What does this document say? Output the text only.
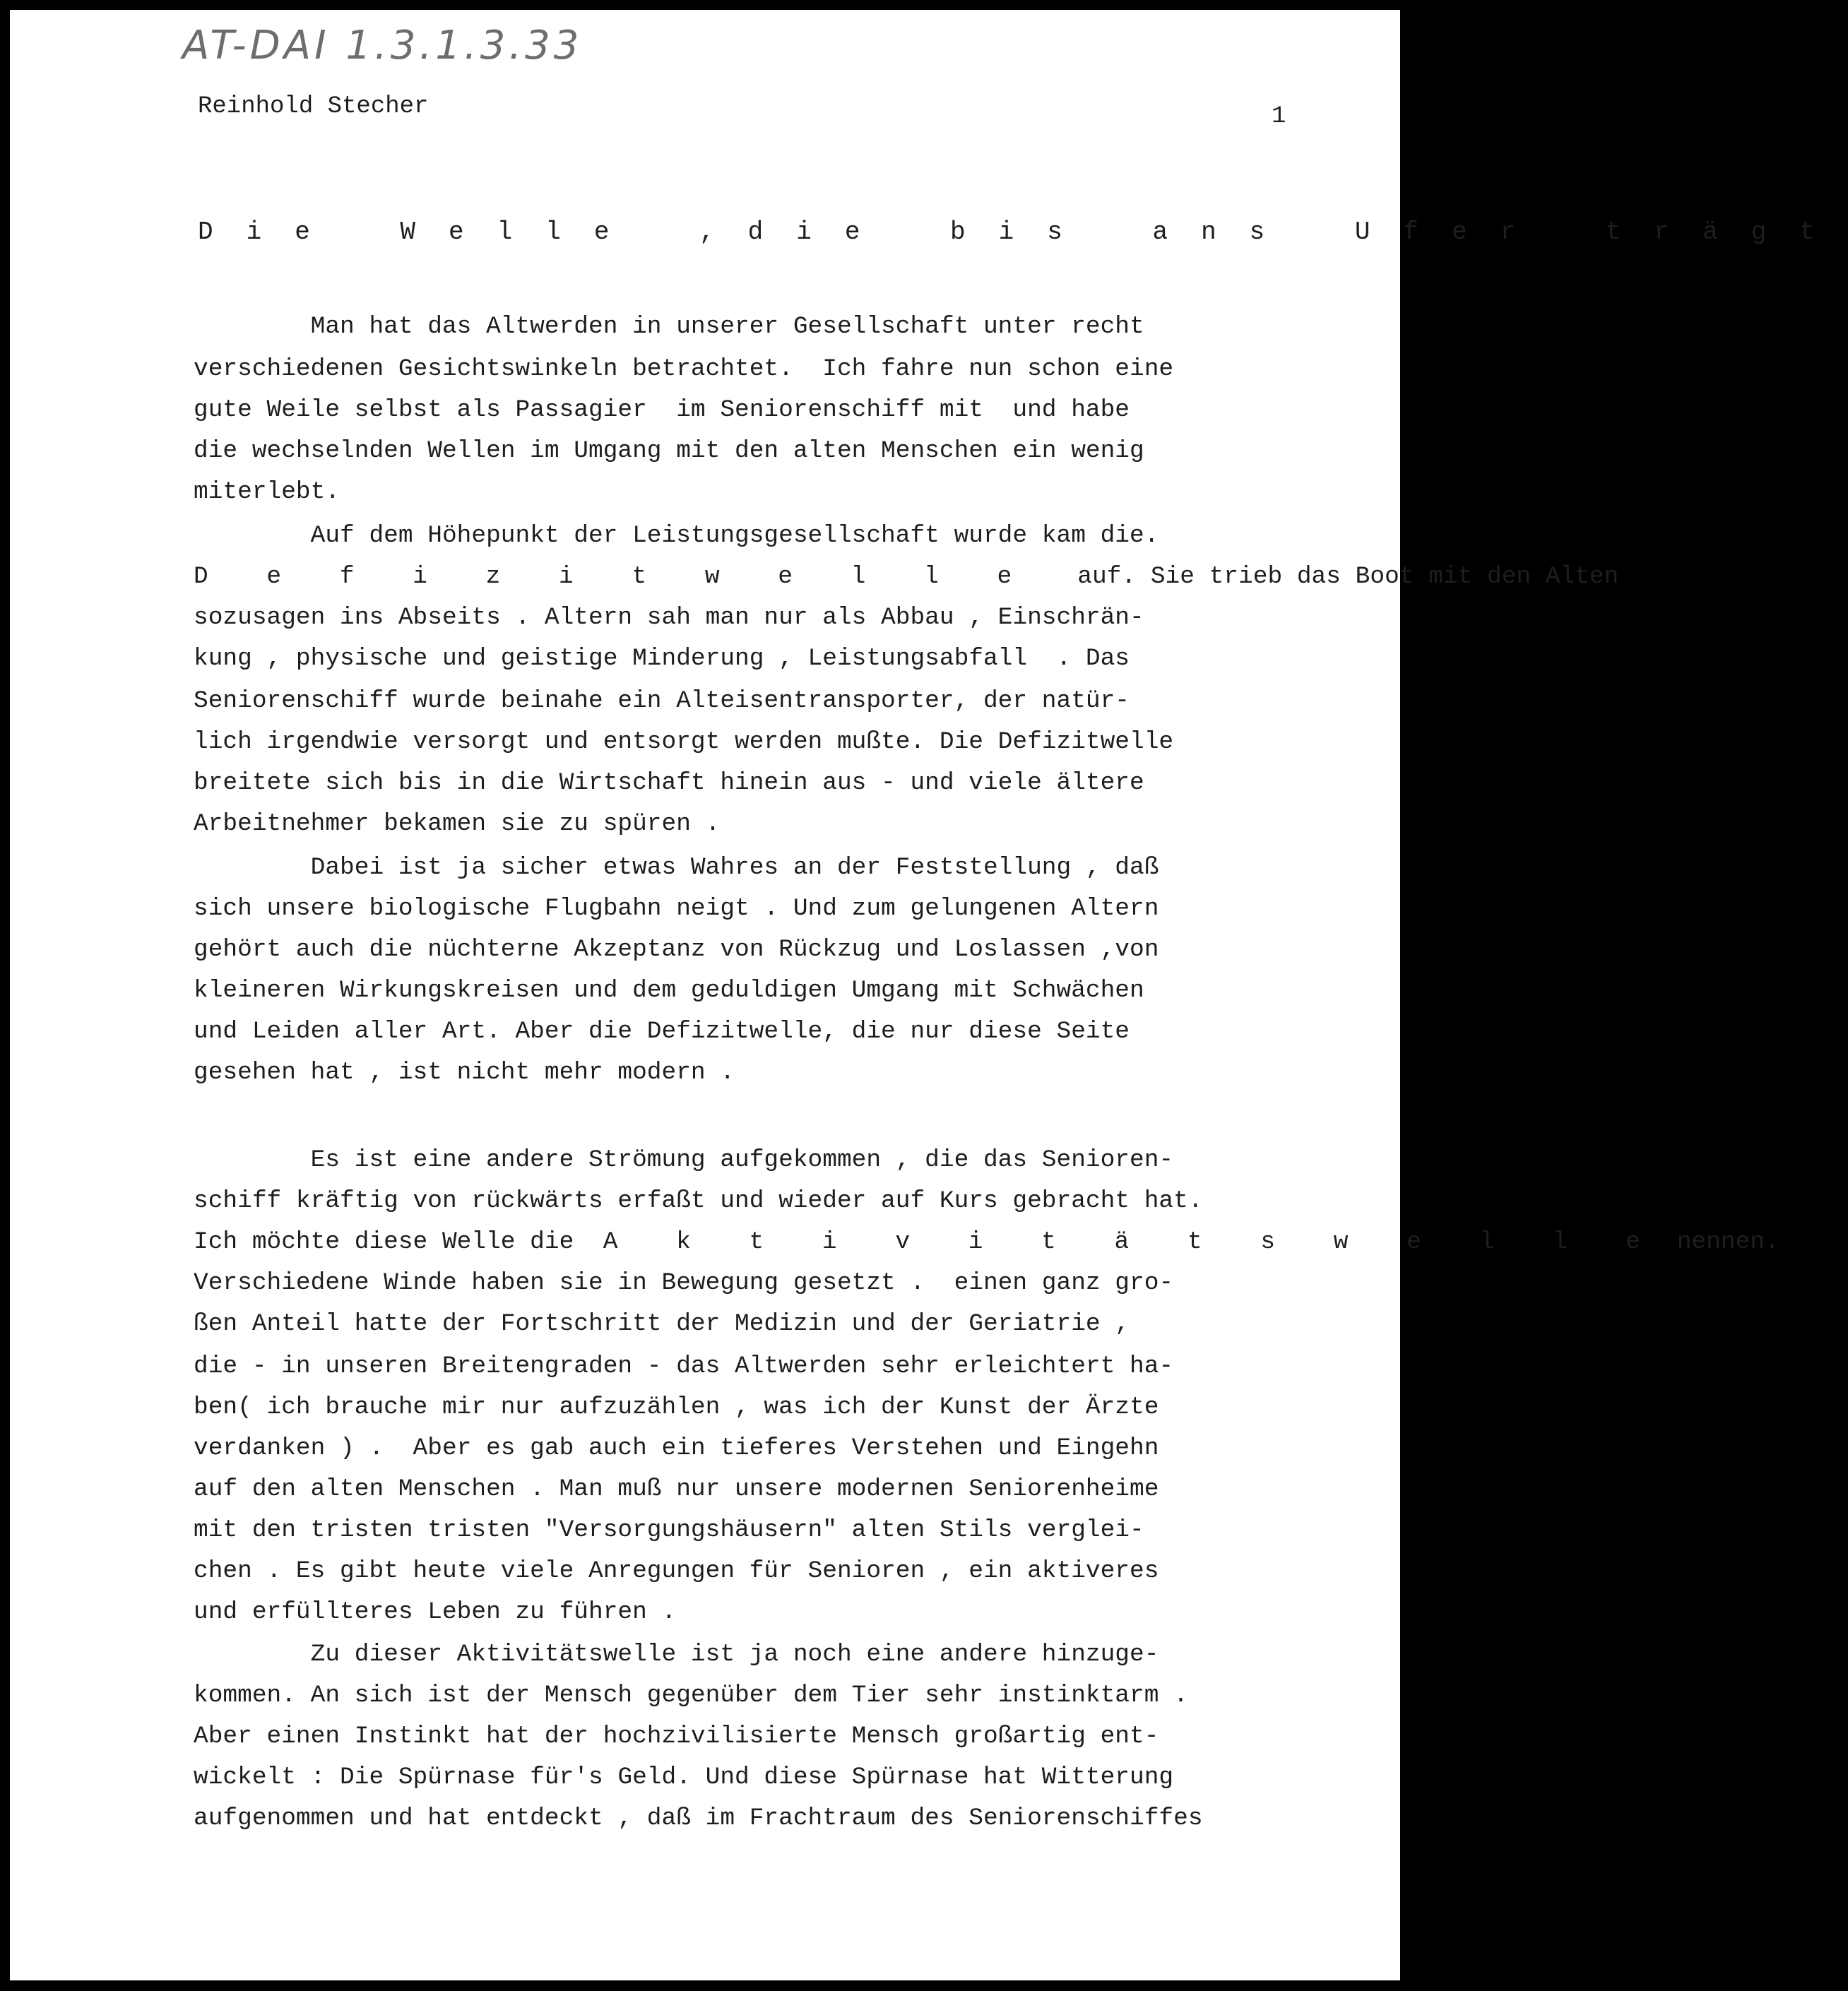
AT-DAI 1.3.1.3.33
Reinhold Stecher	1
Die Welle ,die bis ans Ufer trägt
Man hat das Altwerden in unserer Gesellschaft unter recht
verschiedenen Gesichtswinkeln betrachtet.  Ich fahre nun schon eine
gute Weile selbst als Passagier  im Seniorenschiff mit  und habe
die wechselnden Wellen im Umgang mit den alten Menschen ein wenig
miterlebt.
Auf dem Höhepunkt der Leistungsgesellschaft wurde kam die.
D e f i z i t w e l l e   auf. Sie trieb das Boot mit den Alten
sozusagen ins Abseits . Altern sah man nur als Abbau , Einschrän-
kung , physische und geistige Minderung , Leistungsabfall  . Das
Seniorenschiff wurde beinahe ein Alteisentransporter, der natür-
lich irgendwie versorgt und entsorgt werden mußte. Die Defizitwelle
breitete sich bis in die Wirtschaft hinein aus - und viele ältere
Arbeitnehmer bekamen sie zu spüren .
Dabei ist ja sicher etwas Wahres an der Feststellung , daß
sich unsere biologische Flugbahn neigt . Und zum gelungenen Altern
gehört auch die nüchterne Akzeptanz von Rückzug und Loslassen ,von
kleineren Wirkungskreisen und dem geduldigen Umgang mit Schwächen
und Leiden aller Art. Aber die Defizitwelle, die nur diese Seite
gesehen hat , ist nicht mehr modern .
Es ist eine andere Strömung aufgekommen , die das Senioren-
schiff kräftig von rückwärts erfaßt und wieder auf Kurs gebracht hat.
Ich möchte diese Welle die  A k t i v i t ä t s w e l l e nennen.
Verschiedene Winde haben sie in Bewegung gesetzt .  einen ganz gro-
ßen Anteil hatte der Fortschritt der Medizin und der Geriatrie ,
die - in unseren Breitengraden - das Altwerden sehr erleichtert ha-
ben( ich brauche mir nur aufzuzählen , was ich der Kunst der Ärzte
verdanken ) .  Aber es gab auch ein tieferes Verstehen und Eingehn
auf den alten Menschen . Man muß nur unsere modernen Seniorenheime
mit den tristen tristen "Versorgungshäusern" alten Stils verglei-
chen . Es gibt heute viele Anregungen für Senioren , ein aktiveres
und erfüllteres Leben zu führen .
Zu dieser Aktivitätswelle ist ja noch eine andere hinzuge-
kommen. An sich ist der Mensch gegenüber dem Tier sehr instinktarm .
Aber einen Instinkt hat der hochzivilisierte Mensch großartig ent-
wickelt : Die Spürnase für's Geld. Und diese Spürnase hat Witterung
aufgenommen und hat entdeckt , daß im Frachtraum des Seniorenschiffes
